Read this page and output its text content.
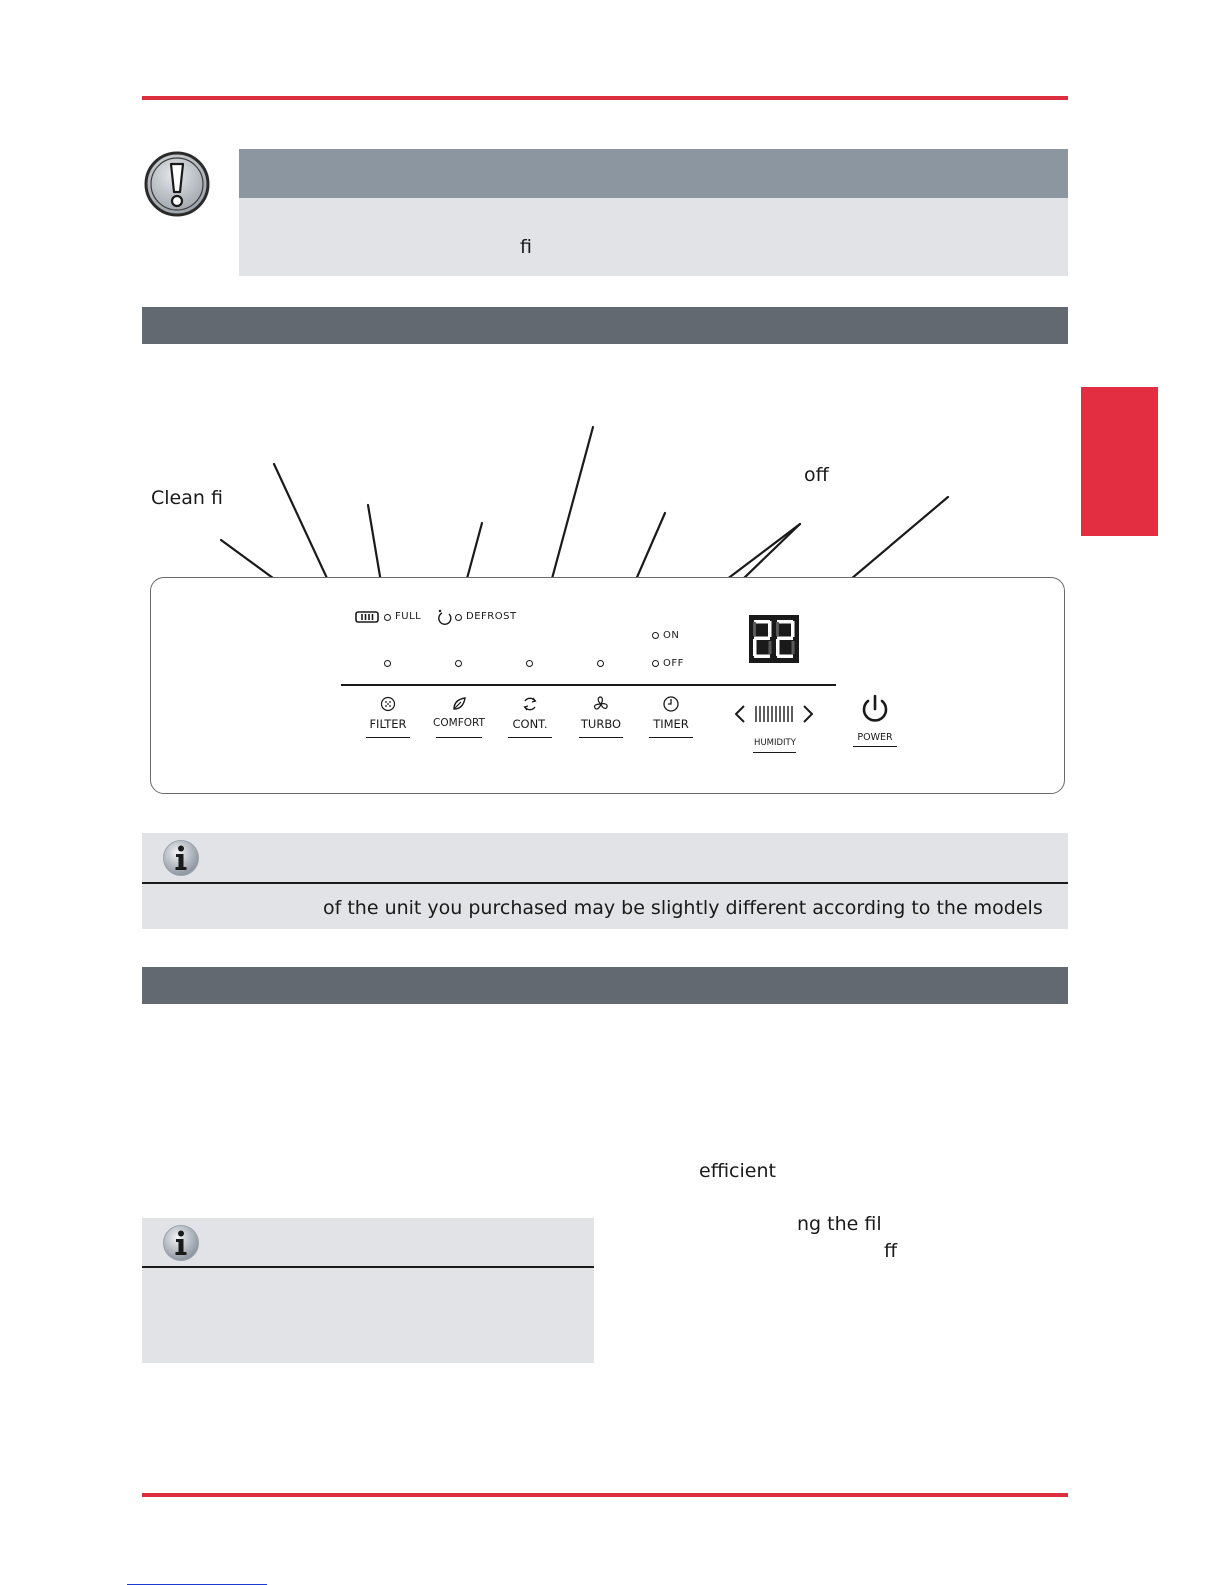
ﬁ
Clean ﬁ
oﬀ
FULL	DEFROST
ON
OFF
FILTER	COMFORT	CONT.	TURBO	TIMER
HUMIDITY	POWER
of the unit you purchased may be slightly diﬀerent according to the models
eﬃcient
ng the ﬁl
ﬀ
